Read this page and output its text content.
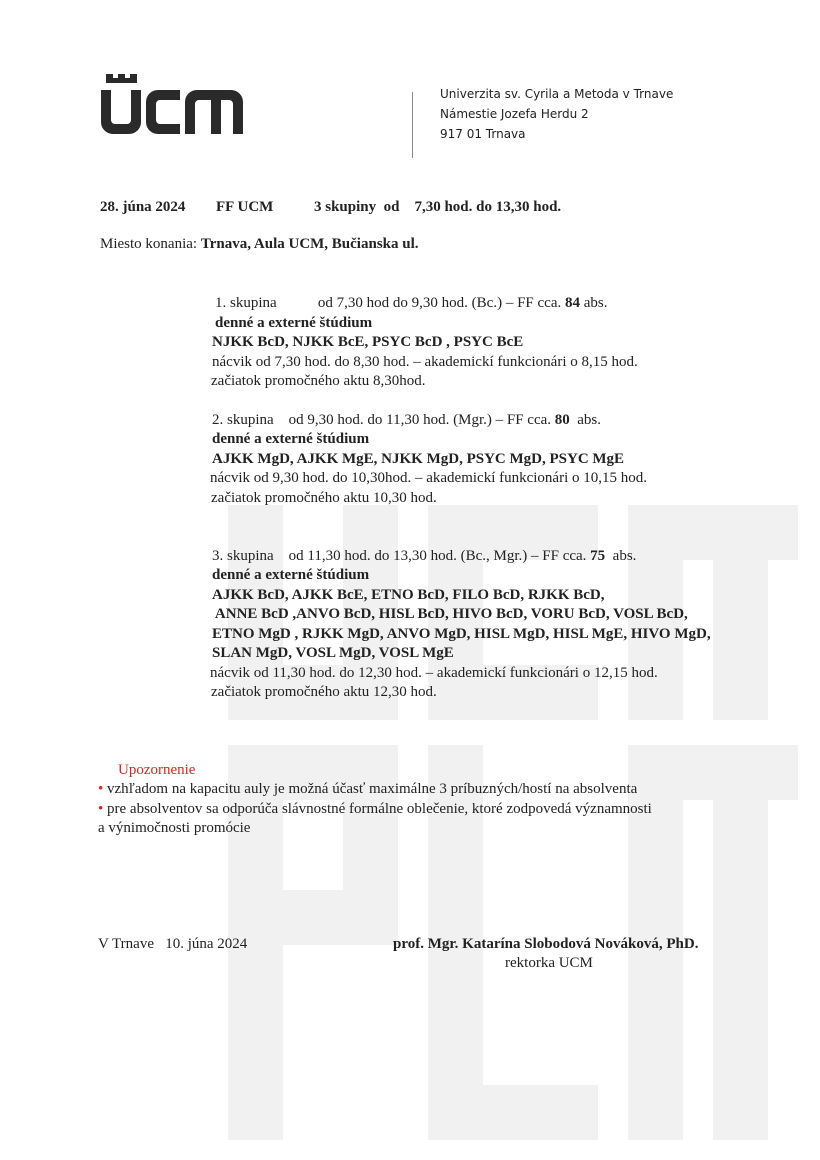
Univerzita sv. Cyrila a Metoda v Trnave
Námestie Jozefa Herdu 2
917 01 Trnava
28. júna 2024 FF UCM	3 skupiny  od    7,30 hod. do 13,30 hod.
Miesto konania: Trnava, Aula UCM, Bučianska ul.
1. skupina           od 7,30 hod do 9,30 hod. (Bc.) – FF cca. 84 abs.
denné a externé štúdium
NJKK BcD, NJKK BcE, PSYC BcD , PSYC BcE
nácvik od 7,30 hod. do 8,30 hod. – akademickí funkcionári o 8,15 hod.
začiatok promočného aktu 8,30hod.
2. skupina    od 9,30 hod. do 11,30 hod. (Mgr.) – FF cca. 80  abs.
denné a externé štúdium
AJKK MgD, AJKK MgE, NJKK MgD, PSYC MgD, PSYC MgE
nácvik od 9,30 hod. do 10,30hod. – akademickí funkcionári o 10,15 hod.
začiatok promočného aktu 10,30 hod.
3. skupina    od 11,30 hod. do 13,30 hod. (Bc., Mgr.) – FF cca. 75  abs.
denné a externé štúdium
AJKK BcD, AJKK BcE, ETNO BcD, FILO BcD, RJKK BcD,
ANNE BcD ,ANVO BcD, HISL BcD, HIVO BcD, VORU BcD, VOSL BcD,
ETNO MgD , RJKK MgD, ANVO MgD, HISL MgD, HISL MgE, HIVO MgD,
SLAN MgD, VOSL MgD, VOSL MgE
nácvik od 11,30 hod. do 12,30 hod. – akademickí funkcionári o 12,15 hod.
začiatok promočného aktu 12,30 hod.
Upozornenie
• vzhľadom na kapacitu auly je možná účasť maximálne 3 príbuzných/hostí na absolventa
• pre absolventov sa odporúča slávnostné formálne oblečenie, ktoré zodpovedá významnosti
a výnimočnosti promócie
V Trnave   10. júna 2024	prof. Mgr. Katarína Slobodová Nováková, PhD.
rektorka UCM
